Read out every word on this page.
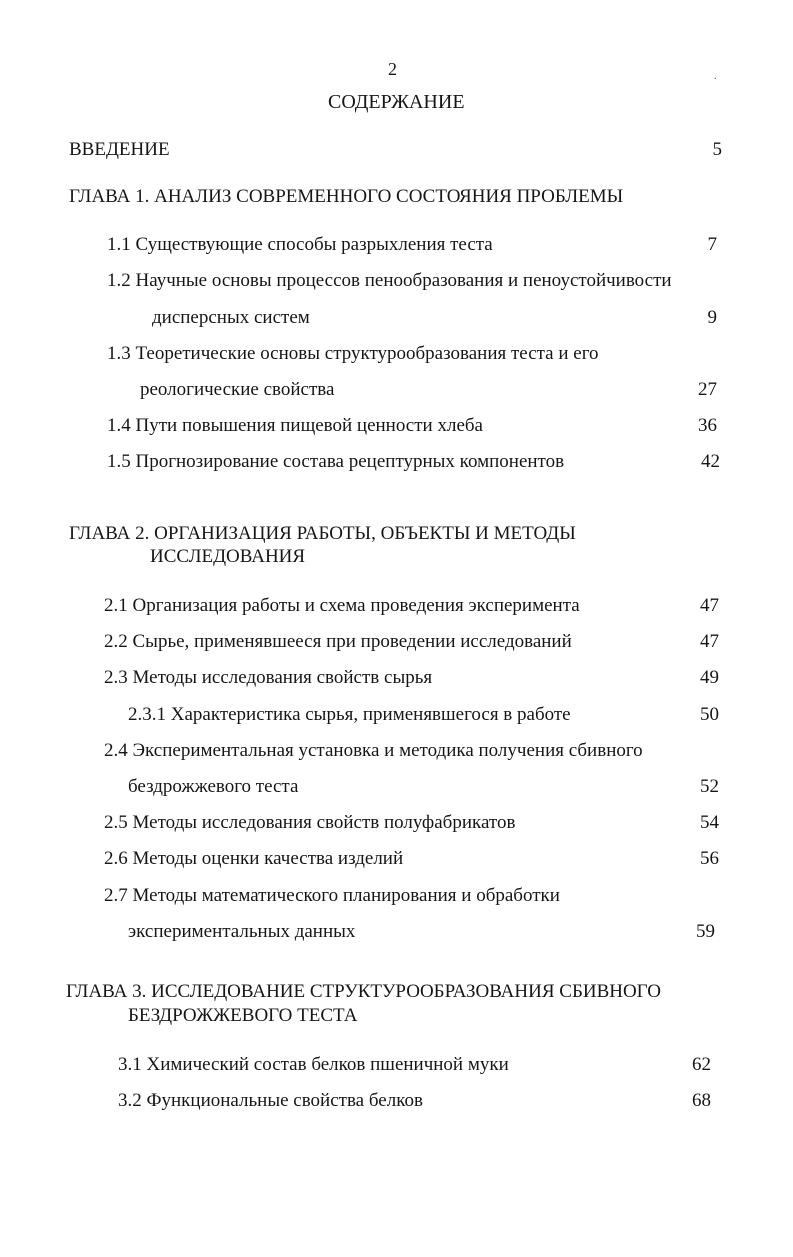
2	.
СОДЕРЖАНИЕ
ВВЕДЕНИЕ	5
ГЛАВА 1. АНАЛИЗ СОВРЕМЕННОГО СОСТОЯНИЯ ПРОБЛЕМЫ
1.1 Существующие способы разрыхления теста	7
1.2 Научные основы процессов пенообразования и пеноустойчивости
дисперсных систем	9
1.3 Теоретические основы структурообразования теста и его
реологические свойства	27
1.4 Пути повышения пищевой ценности хлеба	36
1.5 Прогнозирование состава рецептурных компонентов	42
ГЛАВА 2. ОРГАНИЗАЦИЯ РАБОТЫ, ОБЪЕКТЫ И МЕТОДЫ
ИССЛЕДОВАНИЯ
2.1 Организация работы и схема проведения эксперимента	47
2.2 Сырье, применявшееся при проведении исследований	47
2.3 Методы исследования свойств сырья	49
2.3.1 Характеристика сырья, применявшегося в работе	50
2.4 Экспериментальная установка и методика получения сбивного
бездрожжевого теста	52
2.5 Методы исследования свойств полуфабрикатов	54
2.6 Методы оценки качества изделий	56
2.7 Методы математического планирования и обработки
экспериментальных данных	59
ГЛАВА 3. ИССЛЕДОВАНИЕ СТРУКТУРООБРАЗОВАНИЯ СБИВНОГО
БЕЗДРОЖЖЕВОГО ТЕСТА
3.1 Химический состав белков пшеничной муки	62
3.2 Функциональные свойства белков	68
